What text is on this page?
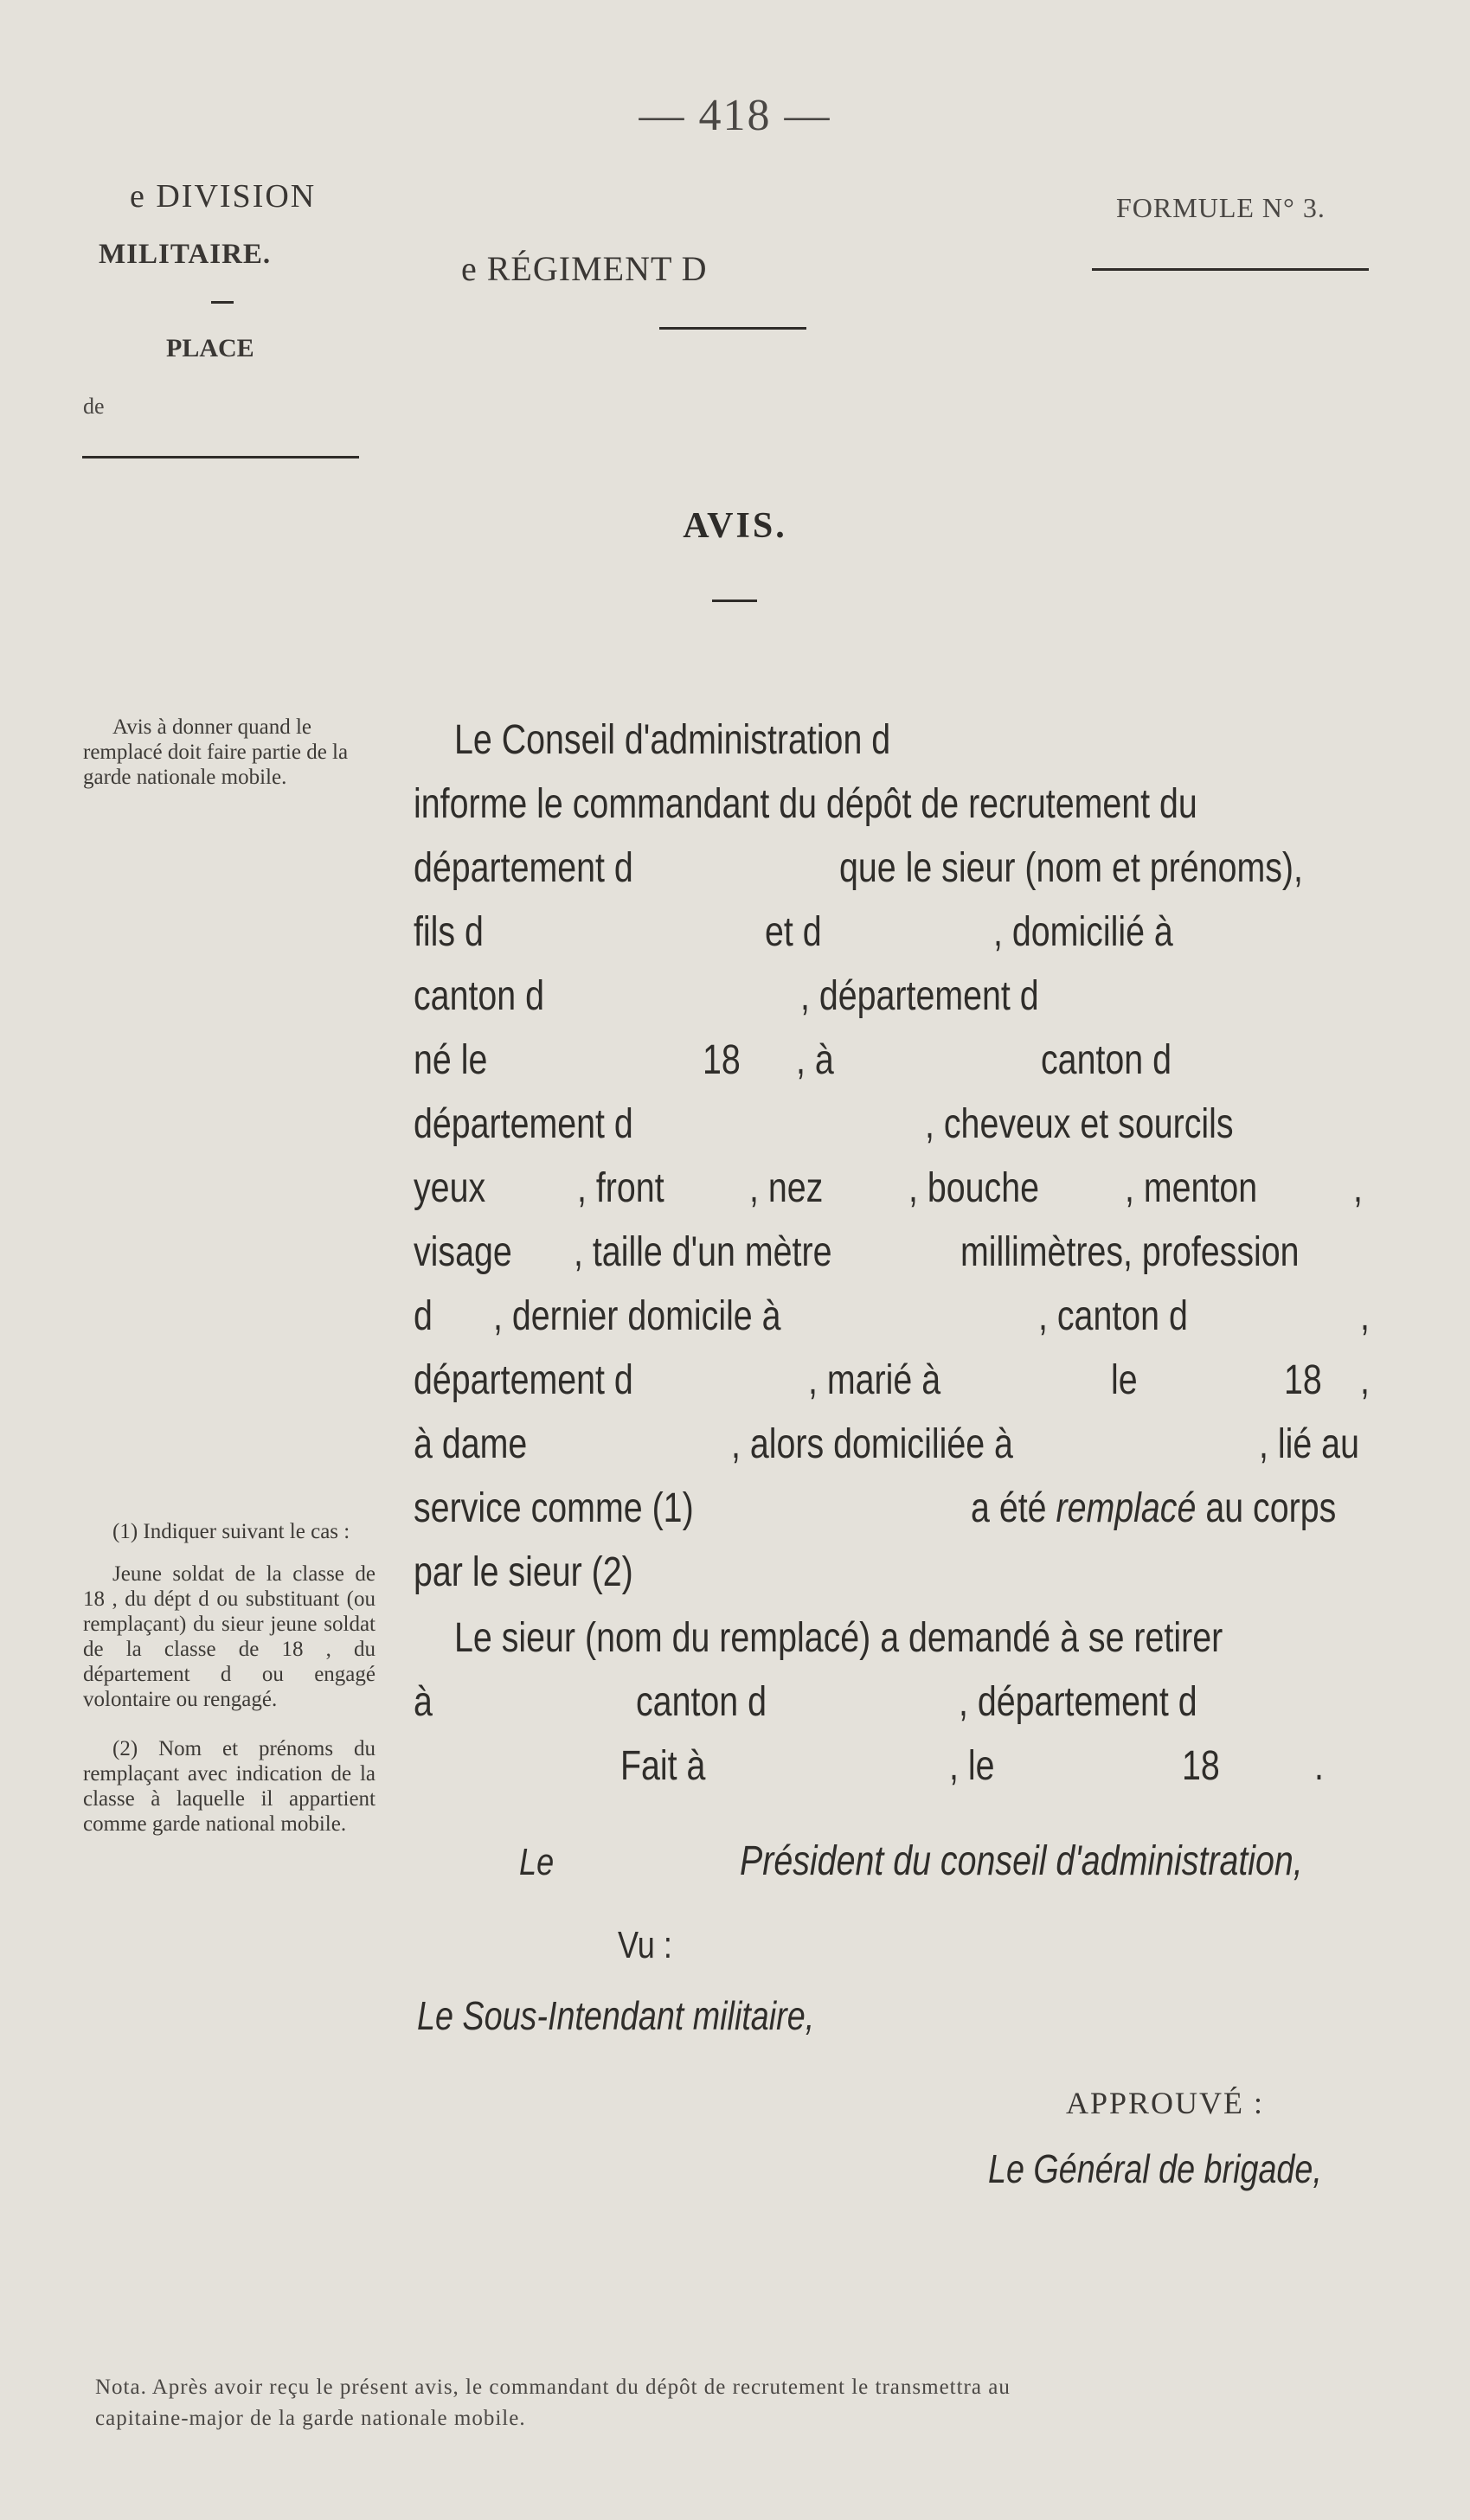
— 418 —
e DIVISION
MILITAIRE.
PLACE
de
e RÉGIMENT D
FORMULE N° 3.
AVIS.

Avis à donner quand le remplacé doit faire partie de la garde nationale mobile.

(1) Indiquer suivant le cas :

Jeune soldat de la classe de 18 , du dépt d ou substituant (ou remplaçant) du sieur jeune soldat de la classe de 18 , du département d ou engagé volontaire ou rengagé.

(2) Nom et prénoms du remplaçant avec indication de la classe à laquelle il appartient comme garde national mobile.

Le Conseil d'administration d
informe le commandant du dépôt de recrutement du
département d	que le sieur (nom et prénoms),
fils d	et d	, domicilié à
canton d	, département d
né le	18 , à	canton d
département d	, cheveux et sourcils
yeux , front , nez , bouche , menton ,
visage , taille d'un mètre	millimètres, profession
d , dernier domicile à	, canton d	,
département d	, marié à	le	18 ,
à dame	, alors domiciliée à	, lié au
service comme (1)	a été remplacé au corps
par le sieur (2)
Le sieur (nom du remplacé) a demandé à se retirer
à	canton d	, département d
Fait à	, le	18 .
Le	Président du conseil d'administration,
Vu :
Le Sous-Intendant militaire,
APPROUVÉ :
Le Général de brigade,
Nota. Après avoir reçu le présent avis, le commandant du dépôt de recrutement le transmettra au
capitaine-major de la garde nationale mobile.
